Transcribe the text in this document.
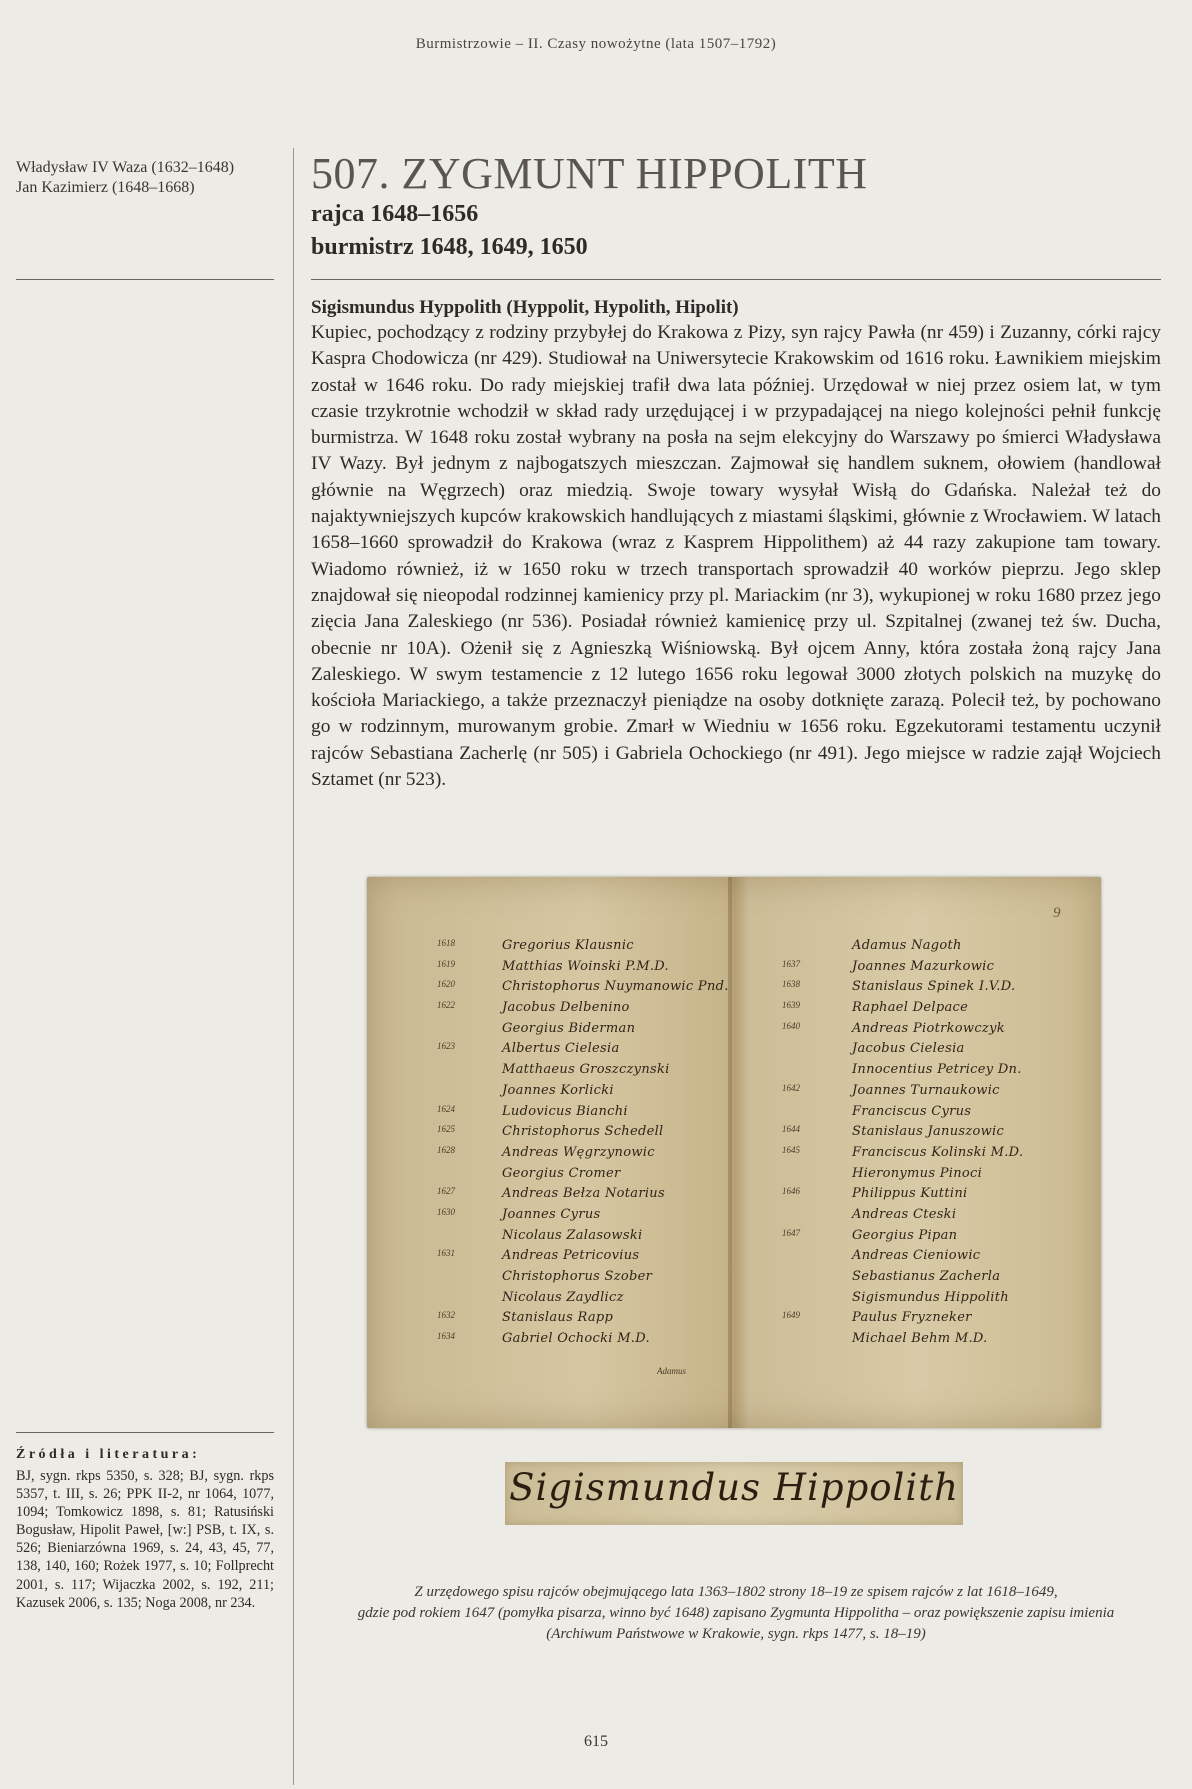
Burmistrzowie – II. Czasy nowożytne (lata 1507–1792)
Władysław IV Waza (1632–1648)
Jan Kazimierz (1648–1668)	507. ZYGMUNT HIPPOLITH
rajca 1648–1656
burmistrz 1648, 1649, 1650
Sigismundus Hyppolith (Hyppolit, Hypolith, Hipolit)
Kupiec, pochodzący z rodziny przybyłej do Krakowa z Pizy, syn rajcy Pawła (nr 459) i Zuzanny, córki rajcy Kaspra Chodowicza (nr 429). Studiował na Uniwersytecie Krakowskim od 1616 roku. Ławnikiem miejskim został w 1646 roku. Do rady miejskiej trafił dwa lata później. Urzędował w niej przez osiem lat, w tym czasie trzykrotnie wchodził w skład rady urzędującej i w przypadającej na niego kolejności pełnił funkcję burmistrza. W 1648 roku został wybrany na posła na sejm elekcyjny do Warszawy po śmierci Władysława IV Wazy. Był jednym z najbogatszych mieszczan. Zajmował się handlem suknem, ołowiem (handlował głównie na Węgrzech) oraz miedzią. Swoje towary wysyłał Wisłą do Gdańska. Należał też do najaktywniejszych kupców krakowskich handlujących z miastami śląskimi, głównie z Wrocławiem. W latach 1658–1660 sprowadził do Krakowa (wraz z Kasprem Hippolithem) aż 44 razy zakupione tam towary. Wiadomo również, iż w 1650 roku w trzech transportach sprowadził 40 worków pieprzu. Jego sklep znajdował się nieopodal rodzinnej kamienicy przy pl. Mariackim (nr 3), wykupionej w roku 1680 przez jego zięcia Jana Zaleskiego (nr 536). Posiadał również kamienicę przy ul. Szpitalnej (zwanej też św. Ducha, obecnie nr 10A). Ożenił się z Agnieszką Wiśniowską. Był ojcem Anny, która została żoną rajcy Jana Zaleskiego. W swym testamencie z 12 lutego 1656 roku legował 3000 złotych polskich na muzykę do kościoła Mariackiego, a także przeznaczył pieniądze na osoby dotknięte zarazą. Polecił też, by pochowano go w rodzinnym, murowanym grobie. Zmarł w Wiedniu w 1656 roku. Egzekutorami testamentu uczynił rajców Sebastiana Zacherlę (nr 505) i Gabriela Ochockiego (nr 491). Jego miejsce w radzie zajął Wojciech Sztamet (nr 523).
9
1618	Gregorius Klausnic
1619	Matthias Woinski P.M.D.
1620	Christophorus Nuymanowic Pnd.
1622	Jacobus Delbenino
Georgius Biderman
1623	Albertus Cielesia
Matthaeus Groszczynski
Joannes Korlicki
1624	Ludovicus Bianchi
1625	Christophorus Schedell
1628	Andreas Węgrzynowic
Georgius Cromer
1627	Andreas Bełza Notarius
1630	Joannes Cyrus
Nicolaus Zalasowski
1631	Andreas Petricovius
Christophorus Szober
Nicolaus Zaydlicz
1632	Stanislaus Rapp
1634	Gabriel Ochocki M.D.
Adamus Nagoth
1637	Joannes Mazurkowic
1638	Stanislaus Spinek I.V.D.
1639	Raphael Delpace
1640	Andreas Piotrkowczyk
Jacobus Cielesia
Innocentius Petricey Dn.
1642	Joannes Turnaukowic
Franciscus Cyrus
1644	Stanislaus Januszowic
1645	Franciscus Kolinski M.D.
Hieronymus Pinoci
1646	Philippus Kuttini
Andreas Cteski
1647	Georgius Pipan
Andreas Cieniowic
Sebastianus Zacherla
Sigismundus Hippolith
1649	Paulus Fryzneker
Michael Behm M.D.
Adamus
Sigismundus Hippolith
Z urzędowego spisu rajców obejmującego lata 1363–1802 strony 18–19 ze spisem rajców z lat 1618–1649,
gdzie pod rokiem 1647 (pomyłka pisarza, winno być 1648) zapisano Zygmunta Hippolitha – oraz powiększenie zapisu imienia
(Archiwum Państwowe w Krakowie, sygn. rkps 1477, s. 18–19)
Źródła i literatura:
BJ, sygn. rkps 5350, s. 328; BJ, sygn. rkps 5357, t. III, s. 26; PPK II-2, nr 1064, 1077, 1094; Tomkowicz 1898, s. 81; Ratusiński Bogusław, Hipolit Paweł, [w:] PSB, t. IX, s. 526; Bieniarzówna 1969, s. 24, 43, 45, 77, 138, 140, 160; Rożek 1977, s. 10; Follprecht 2001, s. 117; Wijaczka 2002, s. 192, 211; Kazusek 2006, s. 135; Noga 2008, nr 234.
615
